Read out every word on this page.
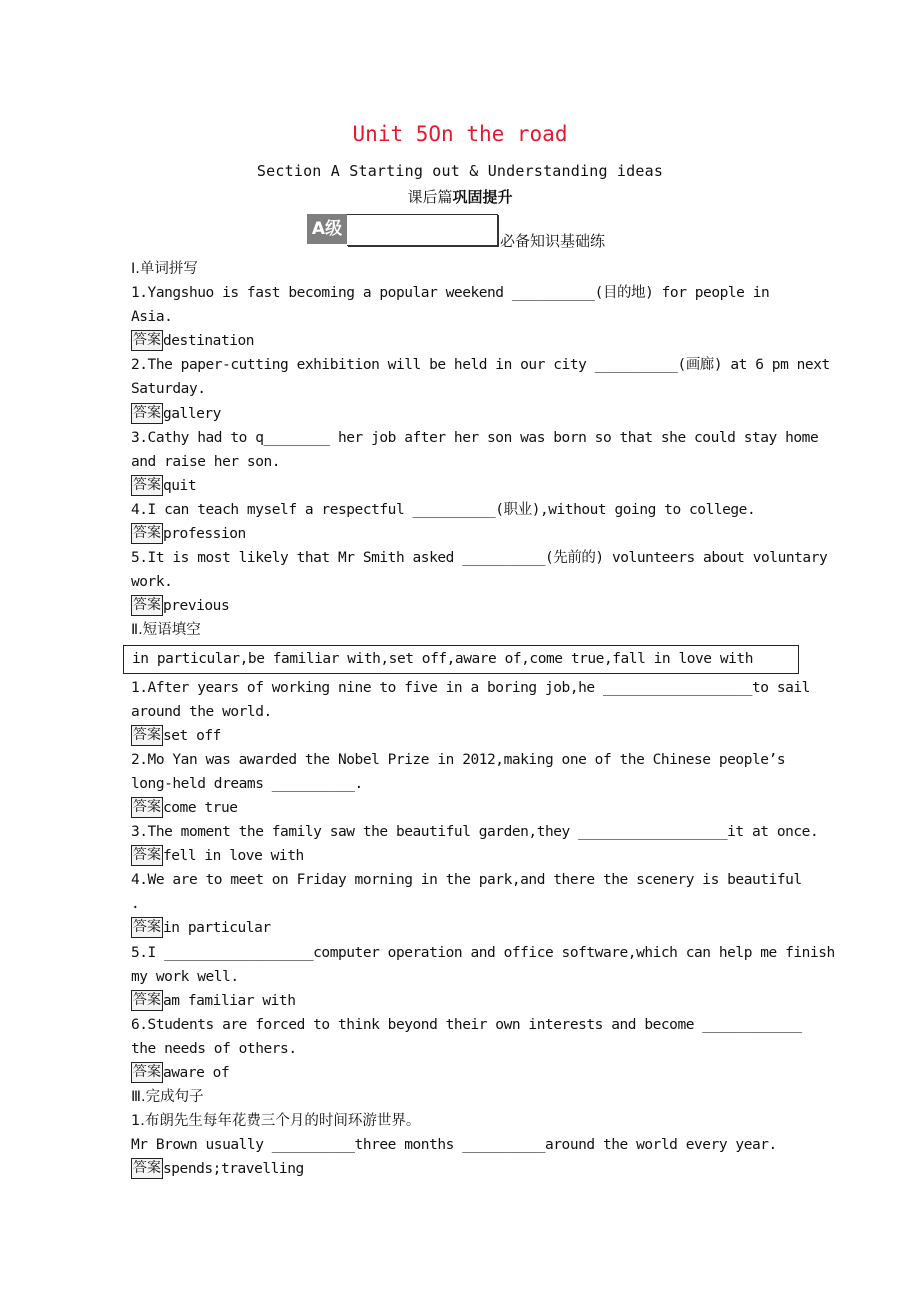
Unit 5On the road
Section A Starting out & Understanding ideas
课后篇巩固提升
A级
必备知识基础练
Ⅰ.单词拼写
1.Yangshuo is fast becoming a popular weekend __________(目的地) for people in
Asia.
答案 destination
2.The paper-cutting exhibition will be held in our city __________(画廊) at 6 pm next
Saturday.
答案 gallery
3.Cathy had to q________ her job after her son was born so that she could stay home
and raise her son.
答案 quit
4.I can teach myself a respectful __________(职业),without going to college.
答案 profession
5.It is most likely that Mr Smith asked __________(先前的) volunteers about voluntary
work.
答案 previous
Ⅱ.短语填空
in particular,be familiar with,set off,aware of,come true,fall in love with
1.After years of working nine to five in a boring job,he __________________to sail
around the world.
答案 set off
2.Mo Yan was awarded the Nobel Prize in 2012,making one of the Chinese people’s
long-held dreams __________.
答案 come true
3.The moment the family saw the beautiful garden,they __________________it at once.
答案 fell in love with
4.We are to meet on Friday morning in the park,and there the scenery is beautiful
.
答案 in particular
5.I __________________computer operation and office software,which can help me finish
my work well.
答案 am familiar with
6.Students are forced to think beyond their own interests and become ____________
the needs of others.
答案 aware of
Ⅲ.完成句子
1.布朗先生每年花费三个月的时间环游世界。
Mr Brown usually __________three months __________around the world every year.
答案 spends;travelling
